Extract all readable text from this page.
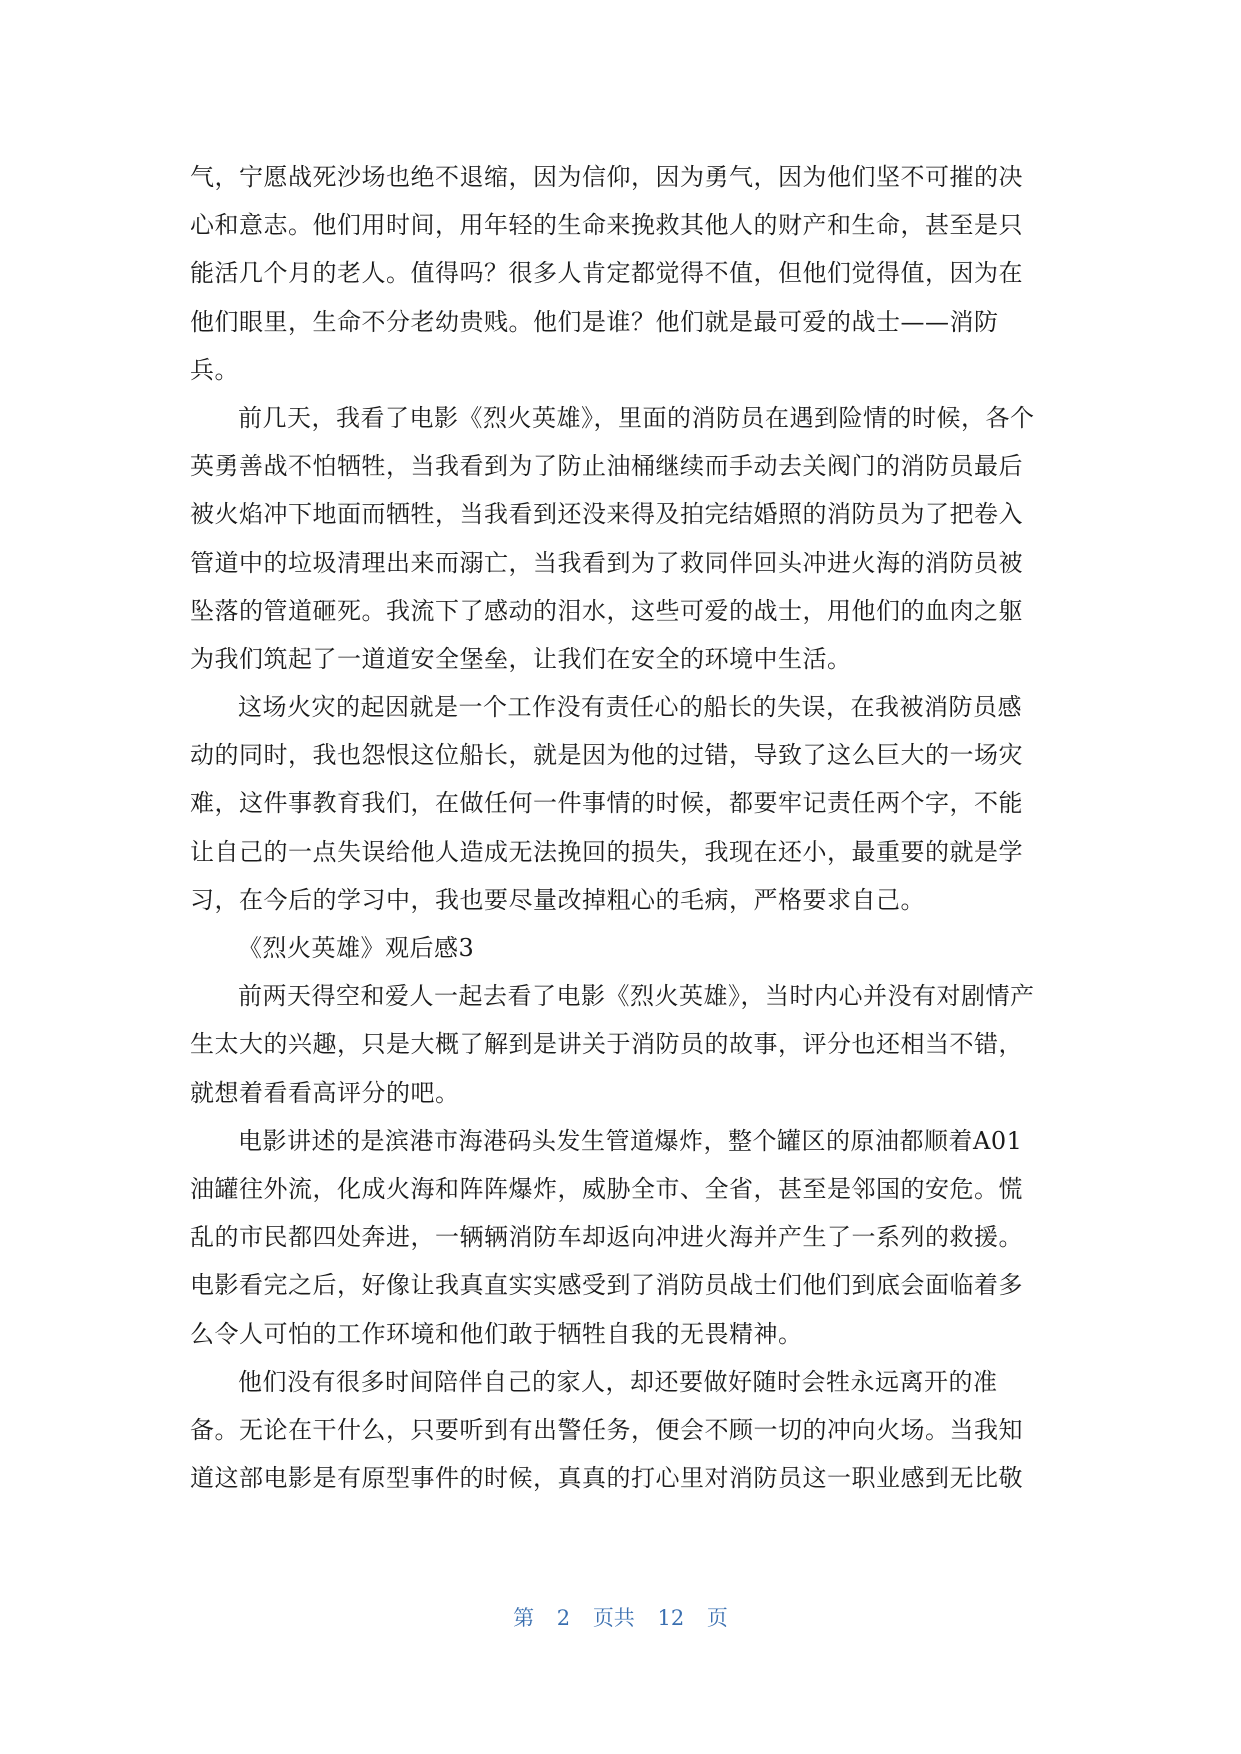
气，宁愿战死沙场也绝不退缩，因为信仰，因为勇气，因为他们坚不可摧的决
心和意志。他们用时间，用年轻的生命来挽救其他人的财产和生命，甚至是只
能活几个月的老人。值得吗？很多人肯定都觉得不值，但他们觉得值，因为在
他们眼里，生命不分老幼贵贱。他们是谁？他们就是最可爱的战士——消防
兵。
前几天，我看了电影《烈火英雄》，里面的消防员在遇到险情的时候，各个
英勇善战不怕牺牲，当我看到为了防止油桶继续而手动去关阀门的消防员最后
被火焰冲下地面而牺牲，当我看到还没来得及拍完结婚照的消防员为了把卷入
管道中的垃圾清理出来而溺亡，当我看到为了救同伴回头冲进火海的消防员被
坠落的管道砸死。我流下了感动的泪水，这些可爱的战士，用他们的血肉之躯
为我们筑起了一道道安全堡垒，让我们在安全的环境中生活。
这场火灾的起因就是一个工作没有责任心的船长的失误，在我被消防员感
动的同时，我也怨恨这位船长，就是因为他的过错，导致了这么巨大的一场灾
难，这件事教育我们，在做任何一件事情的时候，都要牢记责任两个字，不能
让自己的一点失误给他人造成无法挽回的损失，我现在还小，最重要的就是学
习，在今后的学习中，我也要尽量改掉粗心的毛病，严格要求自己。
《烈火英雄》观后感3
前两天得空和爱人一起去看了电影《烈火英雄》，当时内心并没有对剧情产
生太大的兴趣，只是大概了解到是讲关于消防员的故事，评分也还相当不错，
就想着看看高评分的吧。
电影讲述的是滨港市海港码头发生管道爆炸，整个罐区的原油都顺着A01
油罐往外流，化成火海和阵阵爆炸，威胁全市、全省，甚至是邻国的安危。慌
乱的市民都四处奔进，一辆辆消防车却返向冲进火海并产生了一系列的救援。
电影看完之后，好像让我真直实实感受到了消防员战士们他们到底会面临着多
么令人可怕的工作环境和他们敢于牺牲自我的无畏精神。
他们没有很多时间陪伴自己的家人，却还要做好随时会牲永远离开的准
备。无论在干什么，只要听到有出警任务，便会不顾一切的冲向火场。当我知
道这部电影是有原型事件的时候，真真的打心里对消防员这一职业感到无比敬
第 2 页共 12 页
